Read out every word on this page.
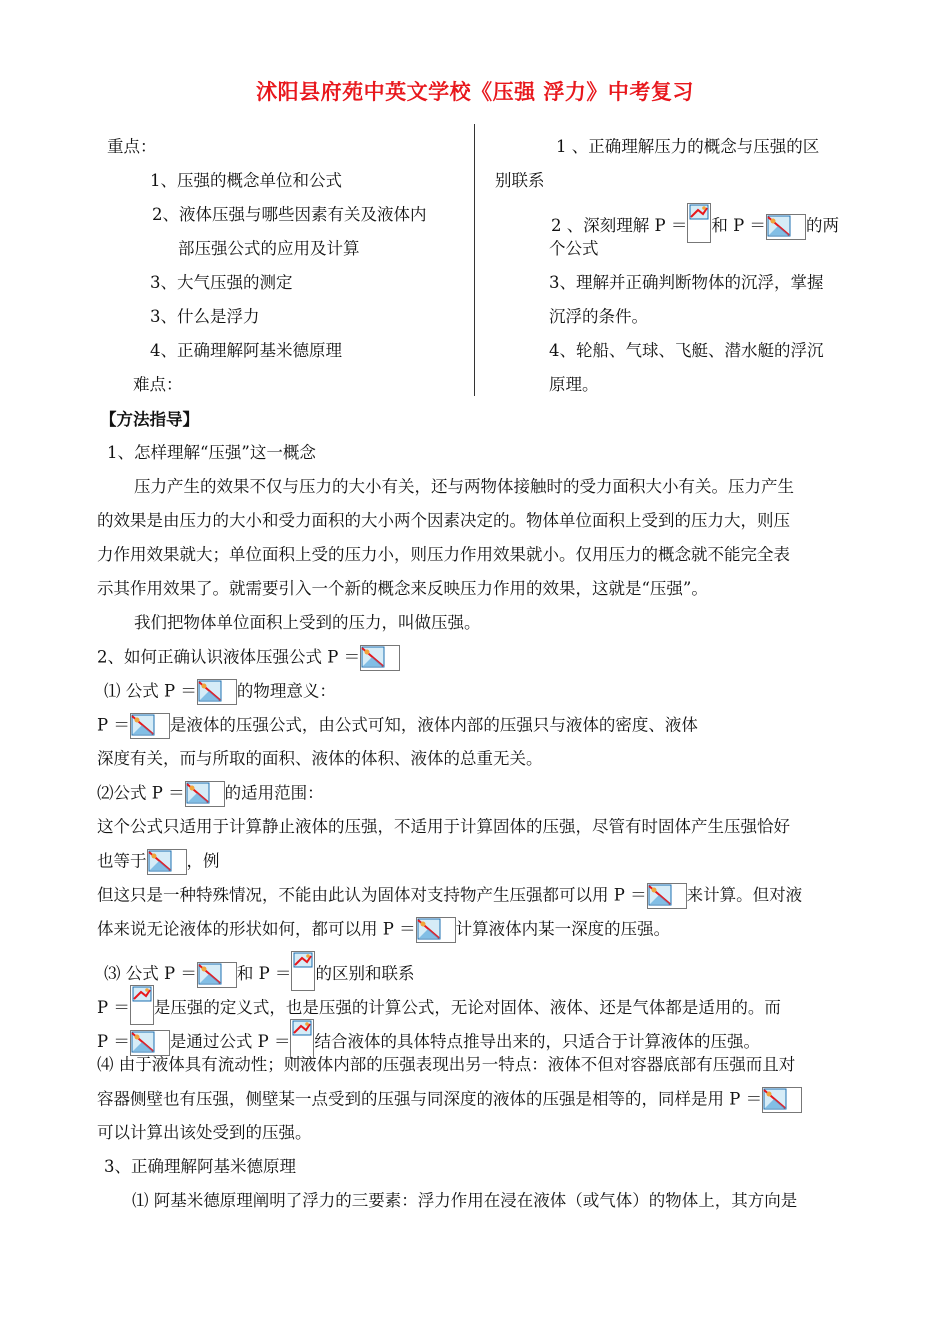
沭阳县府苑中英文学校《压强 浮力》中考复习
重点：
1、压强的概念单位和公式
2、液体压强与哪些因素有关及液体内
部压强公式的应用及计算
3、大气压强的测定
3、什么是浮力
4、正确理解阿基米德原理
难点：
1 、正确理解压力的概念与压强的区
别联系
2 、深刻理解 P ＝ 和 P ＝ 的两
个公式
3、理解并正确判断物体的沉浮，掌握
沉浮的条件。
4、轮船、气球、飞艇、潜水艇的浮沉
原理。
【方法指导】
1、怎样理解“压强”这一概念
压力产生的效果不仅与压力的大小有关，还与两物体接触时的受力面积大小有关。压力产生
的效果是由压力的大小和受力面积的大小两个因素决定的。物体单位面积上受到的压力大，则压
力作用效果就大；单位面积上受的压力小，则压力作用效果就小。仅用压力的概念就不能完全表
示其作用效果了。就需要引入一个新的概念来反映压力作用的效果，这就是“压强”。
我们把物体单位面积上受到的压力，叫做压强。
2、如何正确认识液体压强公式 P ＝
⑴ 公式 P ＝ 的物理意义：
P ＝ 是液体的压强公式，由公式可知，液体内部的压强只与液体的密度、液体
深度有关，而与所取的面积、液体的体积、液体的总重无关。
⑵公式 P ＝ 的适用范围：
这个公式只适用于计算静止液体的压强，不适用于计算固体的压强，尽管有时固体产生压强恰好
也等于 ，例
但这只是一种特殊情况，不能由此认为固体对支持物产生压强都可以用 P ＝ 来计算。但对液
体来说无论液体的形状如何，都可以用 P ＝ 计算液体内某一深度的压强。
⑶ 公式 P ＝ 和 P ＝ 的区别和联系
P ＝ 是压强的定义式，也是压强的计算公式，无论对固体、液体、还是气体都是适用的。而
P ＝ 是通过公式 P ＝ 结合液体的具体特点推导出来的，只适合于计算液体的压强。
⑷ 由于液体具有流动性；则液体内部的压强表现出另一特点：液体不但对容器底部有压强而且对
容器侧壁也有压强，侧壁某一点受到的压强与同深度的液体的压强是相等的，同样是用 P ＝
可以计算出该处受到的压强。
3、正确理解阿基米德原理
⑴ 阿基米德原理阐明了浮力的三要素：浮力作用在浸在液体（或气体）的物体上，其方向是
